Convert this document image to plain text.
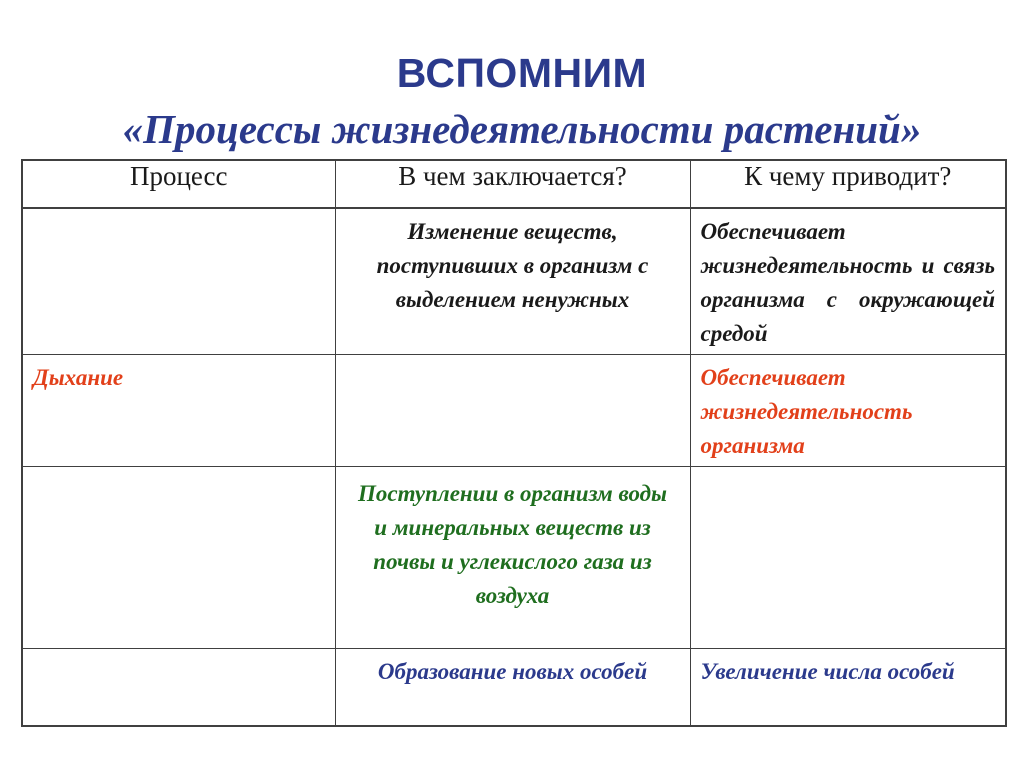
ВСПОМНИМ
«Процессы жизнедеятельности растений»
Процесс	В чем заключается?	К чему приводит?

	Изменение веществ, поступивших в организм с выделением ненужных	Обеспечивает жизнедеятельность и связь организма с окружающей средой

Дыхание		Обеспечивает жизнедеятельность организма

	Поступлении в организм воды и минеральных веществ из почвы и углекислого газа из воздуха	

	Образование новых особей	Увеличение числа особей
